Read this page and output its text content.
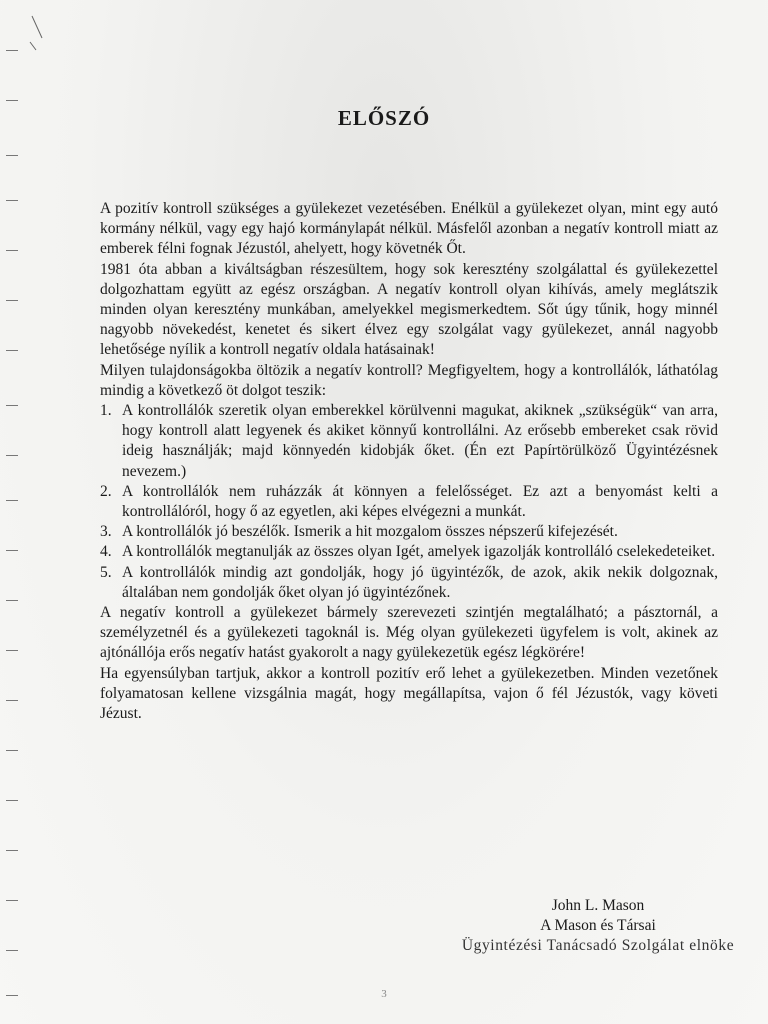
ELŐSZÓ

A pozitív kontroll szükséges a gyülekezet vezetésében. Enélkül a gyülekezet olyan, mint egy autó kormány nélkül, vagy egy hajó kormánylapát nélkül. Másfelől azonban a negatív kontroll miatt az emberek félni fognak Jézustól, ahelyett, hogy követnék Őt.

1981 óta abban a kiváltságban részesültem, hogy sok keresztény szolgálattal és gyülekezettel dolgozhattam együtt az egész országban. A negatív kontroll olyan kihívás, amely meglátszik minden olyan keresztény munkában, amelyekkel megismerkedtem. Sőt úgy tűnik, hogy minnél nagyobb növekedést, kenetet és sikert élvez egy szolgálat vagy gyülekezet, annál nagyobb lehetősége nyílik a kontroll negatív oldala hatásainak!

Milyen tulajdonságokba öltözik a negatív kontroll? Megfigyeltem, hogy a kontrollálók, láthatólag mindig a következő öt dolgot teszik:

1. A kontrollálók szeretik olyan emberekkel körülvenni magukat, akiknek „szükségük“ van arra, hogy kontroll alatt legyenek és akiket könnyű kontrollálni. Az erősebb embereket csak rövid ideig használják; majd könnyedén kidobják őket. (Én ezt Papírtörülköző Ügyintézésnek nevezem.)
2. A kontrollálók nem ruházzák át könnyen a felelősséget. Ez azt a benyomást kelti a kontrollálóról, hogy ő az egyetlen, aki képes elvégezni a munkát.
3. A kontrollálók jó beszélők. Ismerik a hit mozgalom összes népszerű kifejezését.
4. A kontrollálók megtanulják az összes olyan Igét, amelyek igazolják kontrolláló cselekedeteiket.
5. A kontrollálók mindig azt gondolják, hogy jó ügyintézők, de azok, akik nekik dolgoznak, általában nem gondolják őket olyan jó ügyintézőnek.

A negatív kontroll a gyülekezet bármely szerevezeti szintjén megtalálható; a pásztornál, a személyzetnél és a gyülekezeti tagoknál is. Még olyan gyülekezeti ügyfelem is volt, akinek az ajtónállója erős negatív hatást gyakorolt a nagy gyülekezetük egész légkörére!

Ha egyensúlyban tartjuk, akkor a kontroll pozitív erő lehet a gyülekezetben. Minden vezetőnek folyamatosan kellene vizsgálnia magát, hogy megállapítsa, vajon ő fél Jézustók, vagy követi Jézust.

John L. Mason
A Mason és Társai
Ügyintézési Tanácsadó Szolgálat elnöke
3
